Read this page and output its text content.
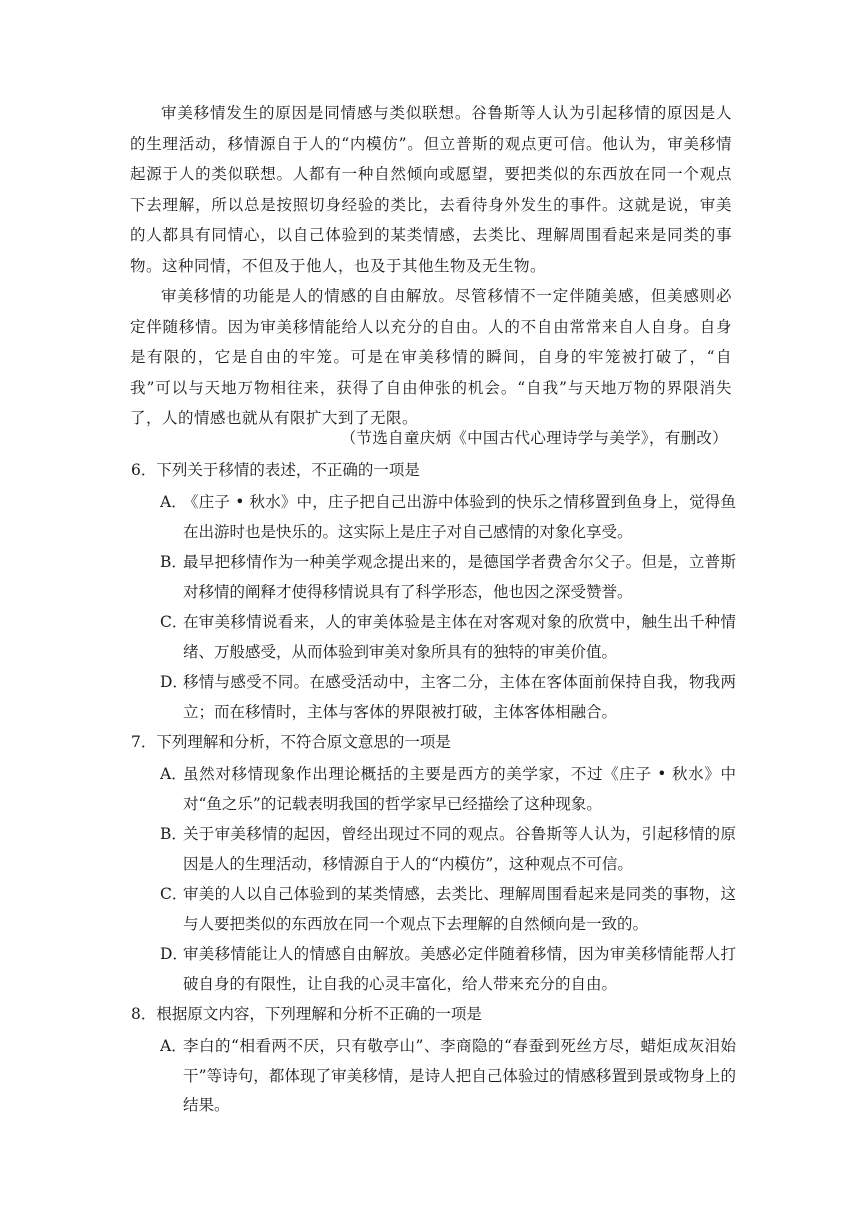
审美移情发生的原因是同情感与类似联想。谷鲁斯等人认为引起移情的原因是人的生理活动，移情源自于人的“内模仿”。但立普斯的观点更可信。他认为，审美移情起源于人的类似联想。人都有一种自然倾向或愿望，要把类似的东西放在同一个观点下去理解，所以总是按照切身经验的类比，去看待身外发生的事件。这就是说，审美的人都具有同情心，以自己体验到的某类情感，去类比、理解周围看起来是同类的事物。这种同情，不但及于他人，也及于其他生物及无生物。

审美移情的功能是人的情感的自由解放。尽管移情不一定伴随美感，但美感则必定伴随移情。因为审美移情能给人以充分的自由。人的不自由常常来自人自身。自身是有限的，它是自由的牢笼。可是在审美移情的瞬间，自身的牢笼被打破了，“自我”可以与天地万物相往来，获得了自由伸张的机会。“自我”与天地万物的界限消失了，人的情感也就从有限扩大到了无限。

（节选自童庆炳《中国古代心理诗学与美学》，有删改）
6．下列关于移情的表述，不正确的一项是
A．
《庄子 • 秋水》中，庄子把自己出游中体验到的快乐之情移置到鱼身上，觉得鱼在出游时也是快乐的。这实际上是庄子对自己感情的对象化享受。
B．
最早把移情作为一种美学观念提出来的，是德国学者费舍尔父子。但是，立普斯对移情的阐释才使得移情说具有了科学形态，他也因之深受赞誉。
C．
在审美移情说看来，人的审美体验是主体在对客观对象的欣赏中，触生出千种情绪、万般感受，从而体验到审美对象所具有的独特的审美价值。
D．
移情与感受不同。在感受活动中，主客二分，主体在客体面前保持自我，物我两立；而在移情时，主体与客体的界限被打破，主体客体相融合。
7．下列理解和分析，不符合原文意思的一项是
A．
虽然对移情现象作出理论概括的主要是西方的美学家，不过《庄子 • 秋水》中对“鱼之乐”的记载表明我国的哲学家早已经描绘了这种现象。
B．
关于审美移情的起因，曾经出现过不同的观点。谷鲁斯等人认为，引起移情的原因是人的生理活动，移情源自于人的“内模仿”，这种观点不可信。
C．
审美的人以自己体验到的某类情感，去类比、理解周围看起来是同类的事物，这与人要把类似的东西放在同一个观点下去理解的自然倾向是一致的。
D．
审美移情能让人的情感自由解放。美感必定伴随着移情，因为审美移情能帮人打破自身的有限性，让自我的心灵丰富化，给人带来充分的自由。
8．根据原文内容，下列理解和分析不正确的一项是
A．
李白的“相看两不厌，只有敬亭山”、李商隐的“春蚕到死丝方尽，蜡炬成灰泪始干”等诗句，都体现了审美移情，是诗人把自己体验过的情感移置到景或物身上的结果。
